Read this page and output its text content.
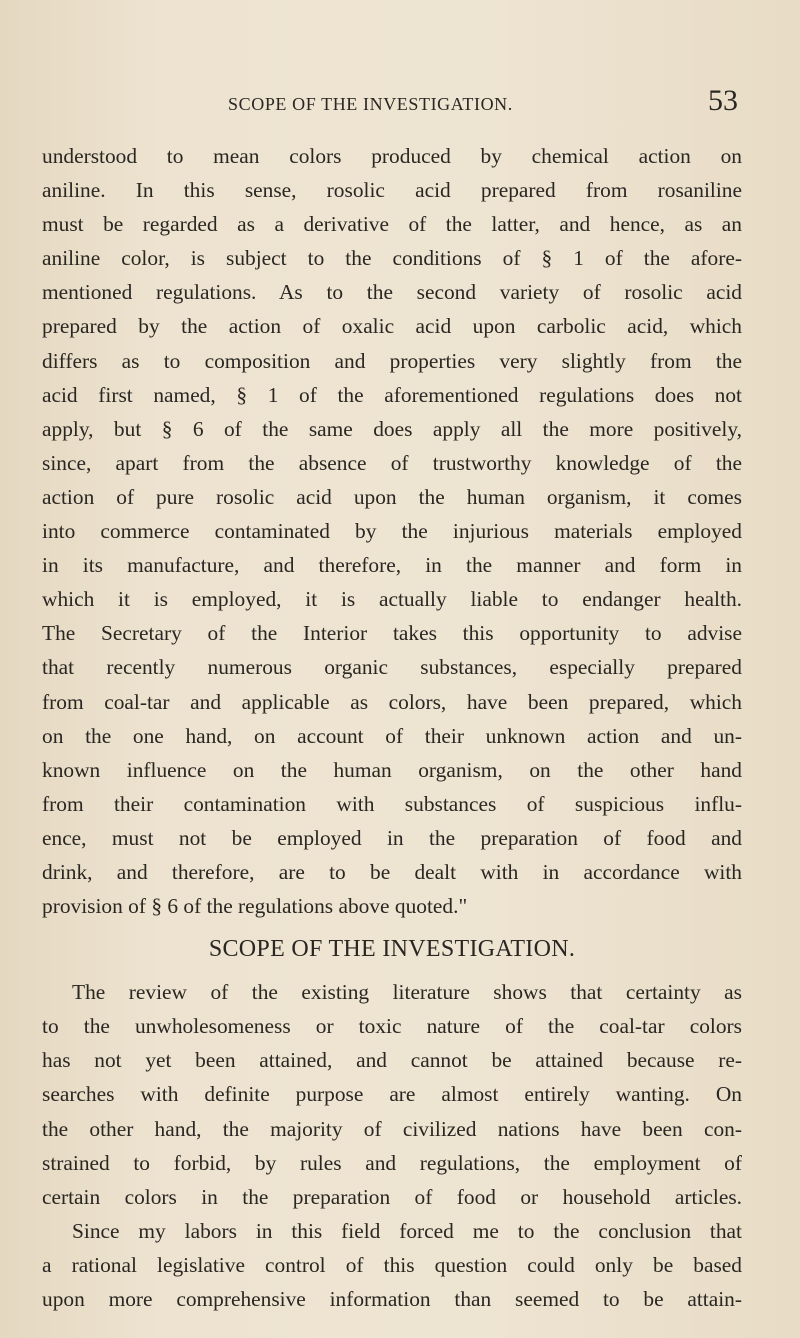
SCOPE OF THE INVESTIGATION.	53
understood to mean colors produced by chemical action on
aniline. In this sense, rosolic acid prepared from rosaniline
must be regarded as a derivative of the latter, and hence, as an
aniline color, is subject to the conditions of § 1 of the afore-
mentioned regulations. As to the second variety of rosolic acid
prepared by the action of oxalic acid upon carbolic acid, which
differs as to composition and properties very slightly from the
acid first named, § 1 of the aforementioned regulations does not
apply, but § 6 of the same does apply all the more positively,
since, apart from the absence of trustworthy knowledge of the
action of pure rosolic acid upon the human organism, it comes
into commerce contaminated by the injurious materials employed
in its manufacture, and therefore, in the manner and form in
which it is employed, it is actually liable to endanger health.
The Secretary of the Interior takes this opportunity to advise
that recently numerous organic substances, especially prepared
from coal-tar and applicable as colors, have been prepared, which
on the one hand, on account of their unknown action and un-
known influence on the human organism, on the other hand
from their contamination with substances of suspicious influ-
ence, must not be employed in the preparation of food and
drink, and therefore, are to be dealt with in accordance with
provision of § 6 of the regulations above quoted."
SCOPE OF THE INVESTIGATION.
The review of the existing literature shows that certainty as
to the unwholesomeness or toxic nature of the coal-tar colors
has not yet been attained, and cannot be attained because re-
searches with definite purpose are almost entirely wanting. On
the other hand, the majority of civilized nations have been con-
strained to forbid, by rules and regulations, the employment of
certain colors in the preparation of food or household articles.
Since my labors in this field forced me to the conclusion that
a rational legislative control of this question could only be based
upon more comprehensive information than seemed to be attain-
